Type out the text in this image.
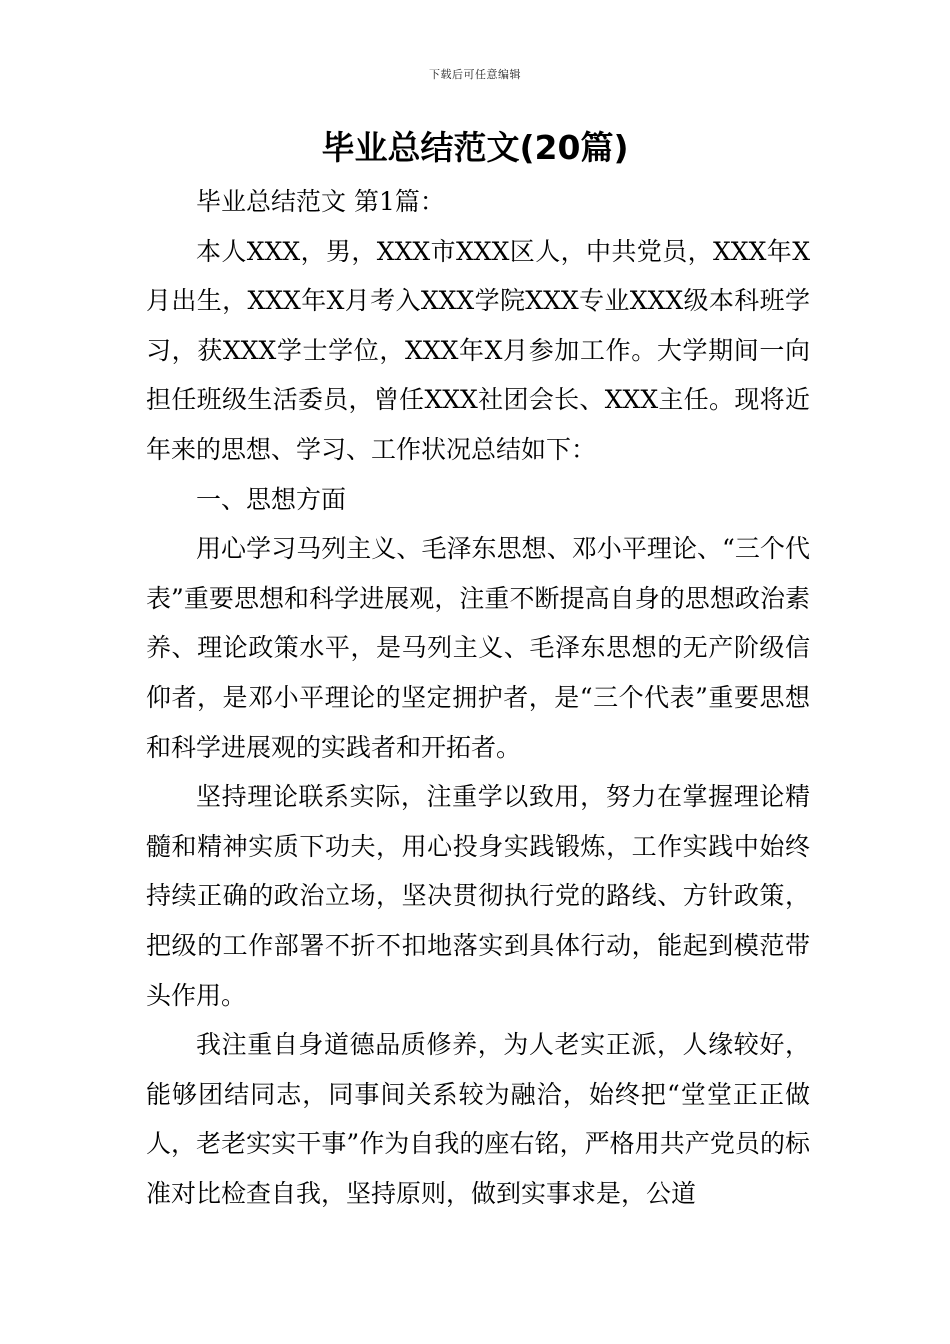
下载后可任意编辑
毕业总结范文(20篇)

毕业总结范文 第1篇：

本人XXX，男，XXX市XXX区人，中共党员，XXX年X月出生，XXX年X月考入XXX学院XXX专业XXX级本科班学习，获XXX学士学位，XXX年X月参加工作。大学期间一向担任班级生活委员，曾任XXX社团会长、XXX主任。现将近年来的思想、学习、工作状况总结如下：

一、思想方面

用心学习马列主义、毛泽东思想、邓小平理论、“三个代表”重要思想和科学进展观，注重不断提高自身的思想政治素养、理论政策水平，是马列主义、毛泽东思想的无产阶级信仰者，是邓小平理论的坚定拥护者，是“三个代表”重要思想和科学进展观的实践者和开拓者。

坚持理论联系实际，注重学以致用，努力在掌握理论精髓和精神实质下功夫，用心投身实践锻炼，工作实践中始终持续正确的政治立场，坚决贯彻执行党的路线、方针政策，把级的工作部署不折不扣地落实到具体行动，能起到模范带头作用。

我注重自身道德品质修养，为人老实正派，人缘较好，能够团结同志，同事间关系较为融洽，始终把“堂堂正正做人，老老实实干事”作为自我的座右铭，严格用共产党员的标准对比检查自我，坚持原则，做到实事求是，公道
